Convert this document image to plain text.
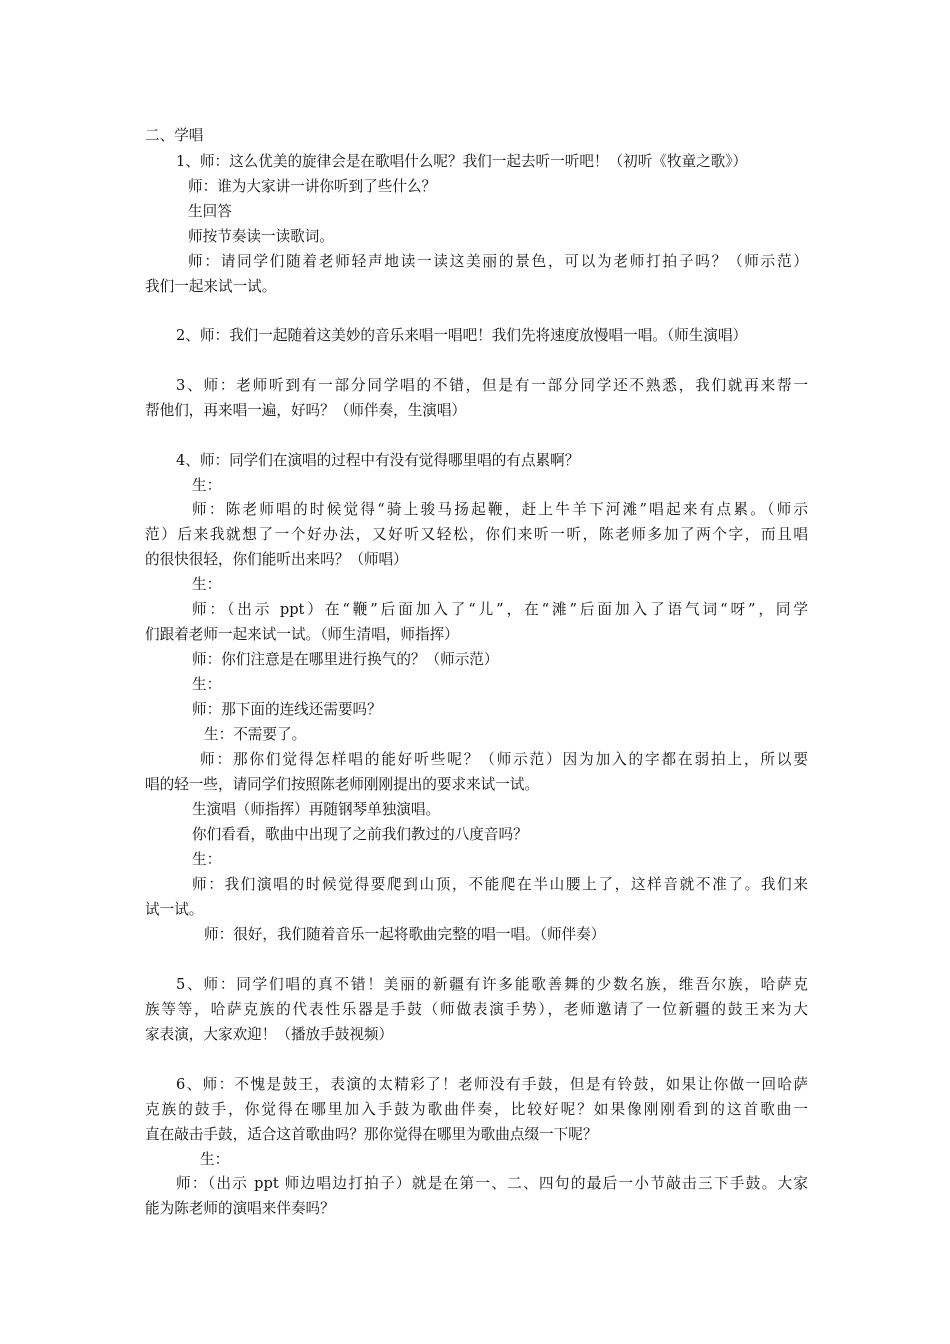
二、学唱

1、师：这么优美的旋律会是在歌唱什么呢？我们一起去听一听吧！（初听《牧童之歌》）

师：谁为大家讲一讲你听到了些什么？

生回答

师按节奏读一读歌词。

师：请同学们随着老师轻声地读一读这美丽的景色，可以为老师打拍子吗？（师示范）

我们一起来试一试。

2、师：我们一起随着这美妙的音乐来唱一唱吧！我们先将速度放慢唱一唱。（师生演唱）

3、师：老师听到有一部分同学唱的不错，但是有一部分同学还不熟悉，我们就再来帮一

帮他们，再来唱一遍，好吗？（师伴奏，生演唱）

4、师：同学们在演唱的过程中有没有觉得哪里唱的有点累啊？

生：

师：陈老师唱的时候觉得“骑上骏马扬起鞭，赶上牛羊下河滩”唱起来有点累。（师示

范）后来我就想了一个好办法，又好听又轻松，你们来听一听，陈老师多加了两个字，而且唱

的很快很轻，你们能听出来吗？（师唱）

生：

师：（出示 ppt）在“鞭”后面加入了“儿”，在“滩”后面加入了语气词“呀”，同学

们跟着老师一起来试一试。（师生清唱，师指挥）

师：你们注意是在哪里进行换气的？（师示范）

生：

师：那下面的连线还需要吗？

生：不需要了。

师：那你们觉得怎样唱的能好听些呢？（师示范）因为加入的字都在弱拍上，所以要

唱的轻一些，请同学们按照陈老师刚刚提出的要求来试一试。

生演唱（师指挥）再随钢琴单独演唱。

你们看看，歌曲中出现了之前我们教过的八度音吗？

生：

师：我们演唱的时候觉得要爬到山顶，不能爬在半山腰上了，这样音就不准了。我们来

试一试。

师：很好，我们随着音乐一起将歌曲完整的唱一唱。（师伴奏）

5、师：同学们唱的真不错！美丽的新疆有许多能歌善舞的少数名族，维吾尔族，哈萨克

族等等，哈萨克族的代表性乐器是手鼓（师做表演手势），老师邀请了一位新疆的鼓王来为大

家表演，大家欢迎！（播放手鼓视频）

6、师：不愧是鼓王，表演的太精彩了！老师没有手鼓，但是有铃鼓，如果让你做一回哈萨

克族的鼓手，你觉得在哪里加入手鼓为歌曲伴奏，比较好呢？如果像刚刚看到的这首歌曲一

直在敲击手鼓，适合这首歌曲吗？那你觉得在哪里为歌曲点缀一下呢？

生：

师：（出示 ppt 师边唱边打拍子）就是在第一、二、四句的最后一小节敲击三下手鼓。大家

能为陈老师的演唱来伴奏吗？
